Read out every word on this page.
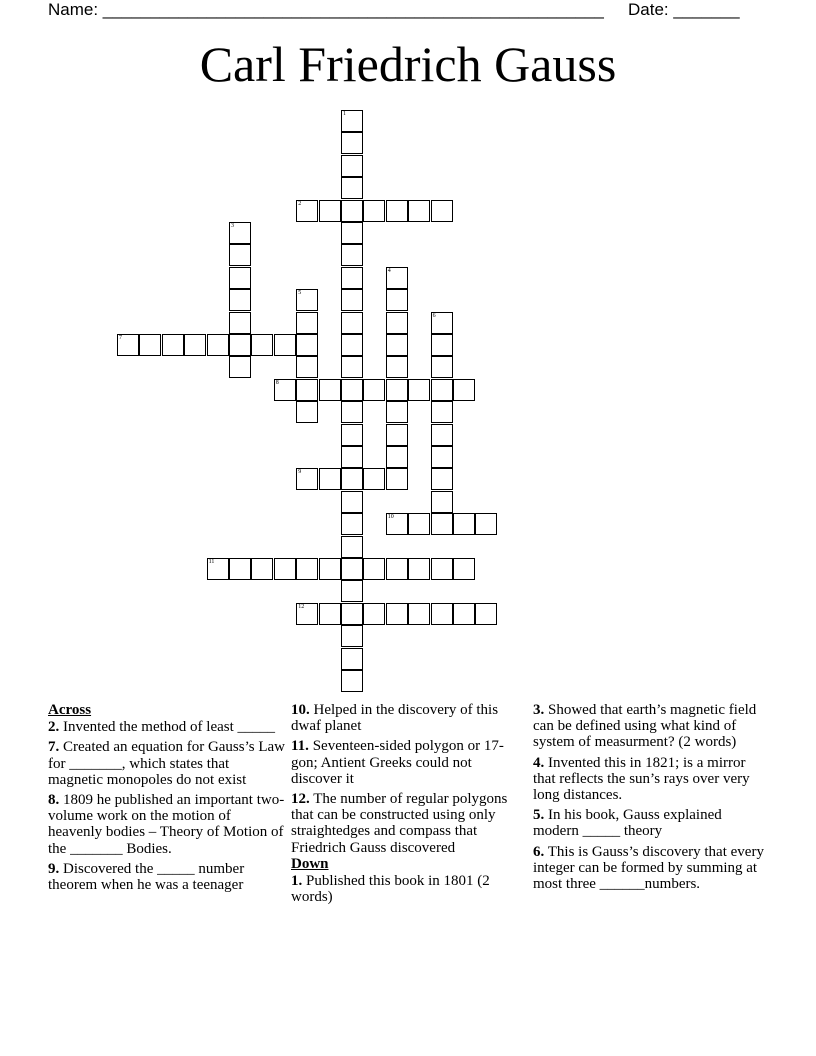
Name: _____________________________________________________ Date: _______
Carl Friedrich Gauss
1
2
3
4
5
6
7
8
9
10
11
12
Across
2. Invented the method of least _____
7. Created an equation for Gauss’s Law for _______, which states that magnetic monopoles do not exist
8. 1809 he published an important two-volume work on the motion of heavenly bodies – Theory of Motion of the _______ Bodies.
9. Discovered the _____ number theorem when he was a teenager
10. Helped in the discovery of this dwaf planet
11. Seventeen-sided polygon or 17-gon; Antient Greeks could not discover it
12. The number of regular polygons that can be constructed using only straightedges and compass that Friedrich Gauss discovered
Down
1. Published this book in 1801 (2 words)
3. Showed that earth’s magnetic field can be defined using what kind of system of measurment? (2 words)
4. Invented this in 1821; is a mirror that reflects the sun’s rays over very long distances.
5. In his book, Gauss explained modern _____ theory
6. This is Gauss’s discovery that every integer can be formed by summing at most three ______numbers.
